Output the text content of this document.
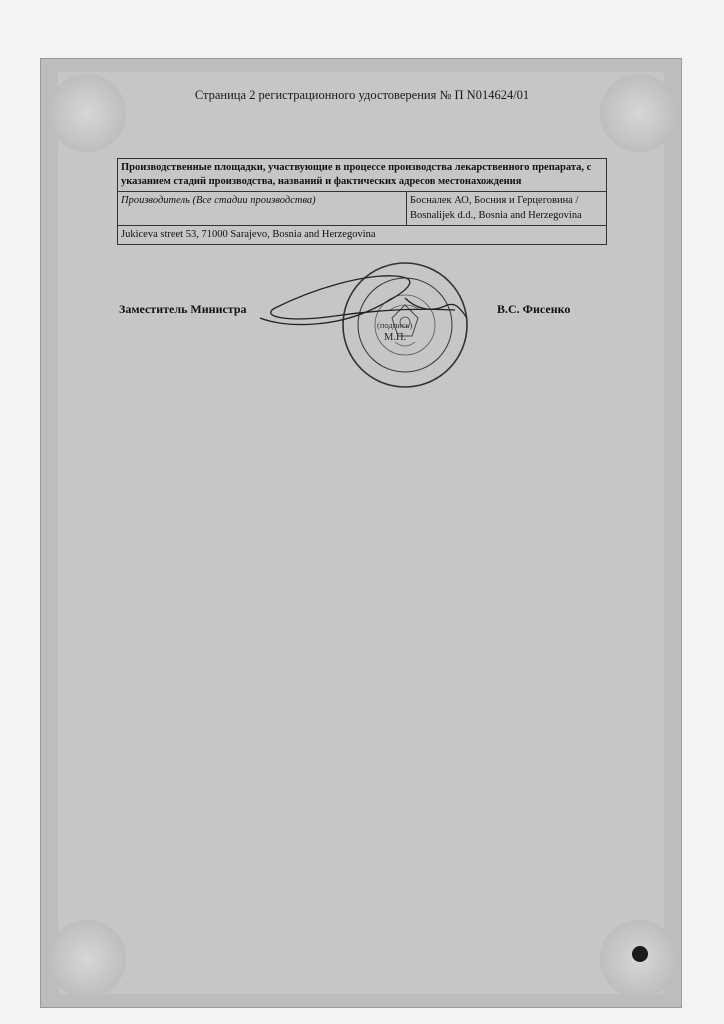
Страница 2 регистрационного удостоверения № П N014624/01
Производственные площадки, участвующие в процессе производства лекарственного препарата, с указанием стадий производства, названий и фактических адресов местонахождения
Производитель (Все стадии производства)	Босналек АО, Босния и Герцеговина / Bosnalijek d.d., Bosnia and Herzegovina
Jukiceva street 53, 71000 Sarajevo, Bosnia and Herzegovina
Заместитель Министра	В.С. Фисенко
(подпись)
М.П.
